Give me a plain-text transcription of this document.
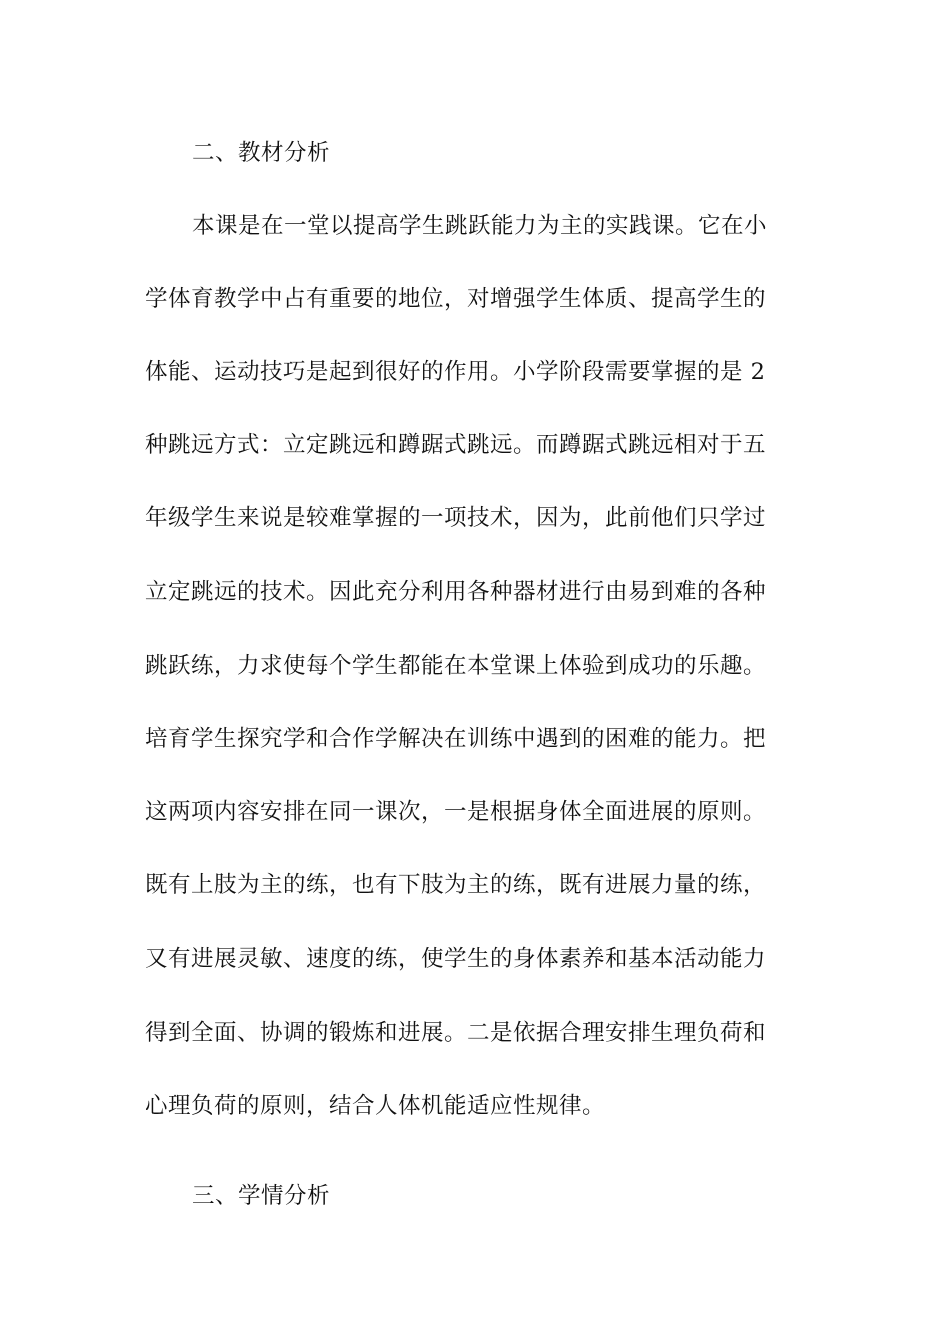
二、教材分析
本课是在一堂以提高学生跳跃能力为主的实践课。它在小
学体育教学中占有重要的地位，对增强学生体质、提高学生的
体能、运动技巧是起到很好的作用。小学阶段需要掌握的是 2
种跳远方式：立定跳远和蹲踞式跳远。而蹲踞式跳远相对于五
年级学生来说是较难掌握的一项技术，因为，此前他们只学过
立定跳远的技术。因此充分利用各种器材进行由易到难的各种
跳跃练，力求使每个学生都能在本堂课上体验到成功的乐趣。
培育学生探究学和合作学解决在训练中遇到的困难的能力。把
这两项内容安排在同一课次，一是根据身体全面进展的原则。
既有上肢为主的练，也有下肢为主的练，既有进展力量的练，
又有进展灵敏、速度的练，使学生的身体素养和基本活动能力
得到全面、协调的锻炼和进展。二是依据合理安排生理负荷和
心理负荷的原则，结合人体机能适应性规律。
三、学情分析
